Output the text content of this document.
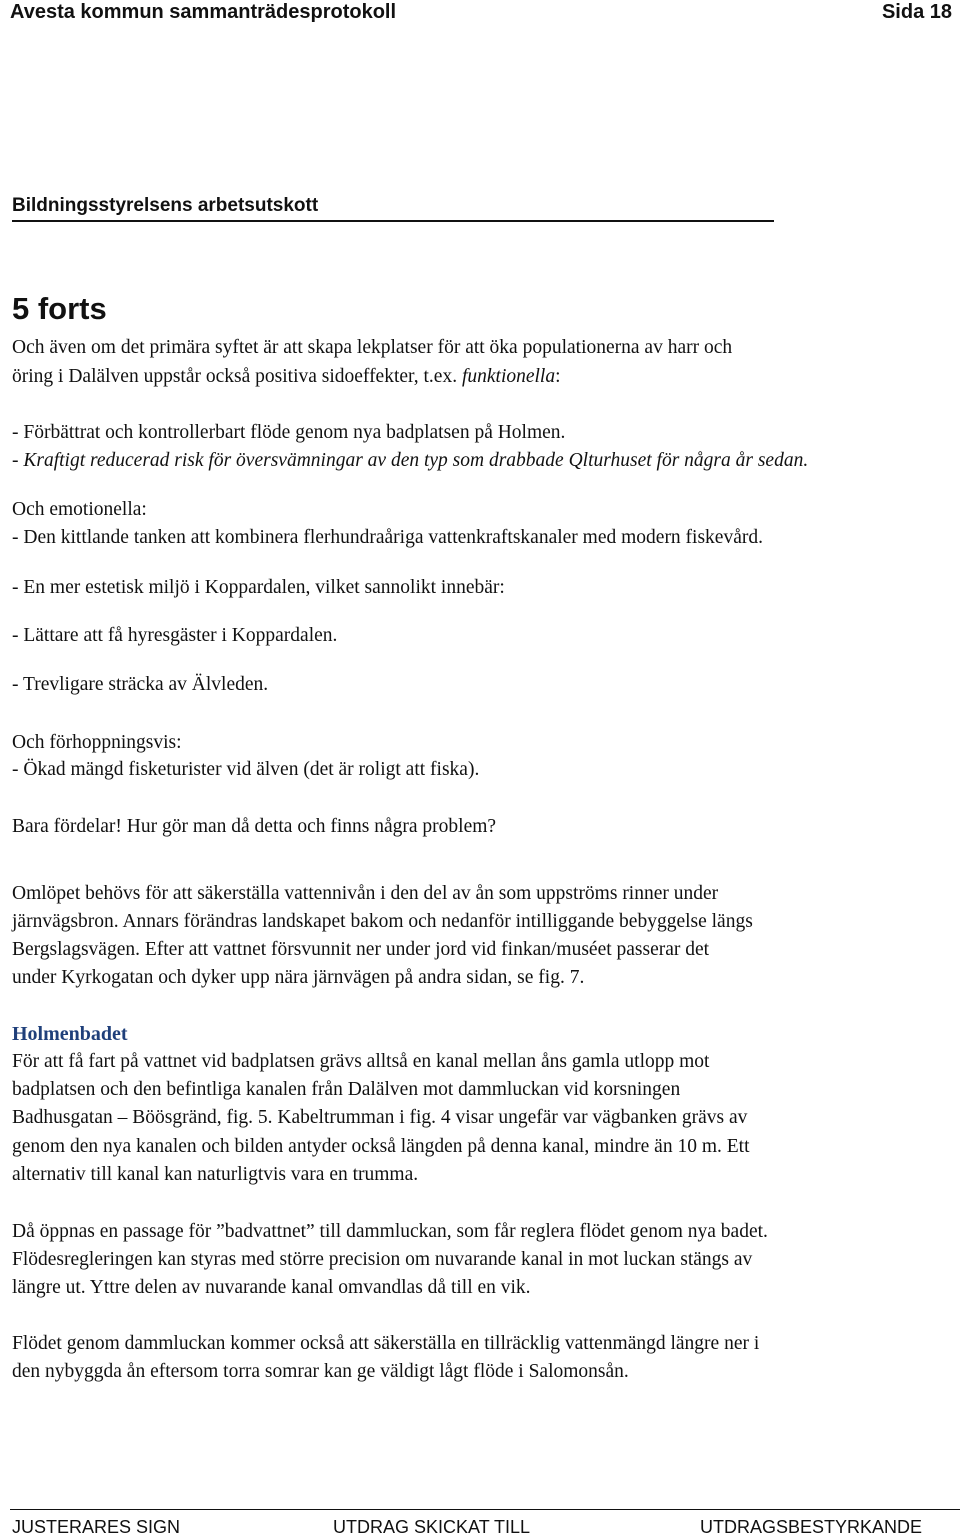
Avesta kommun sammanträdesprotokoll	Sida 18
Bildningsstyrelsens arbetsutskott
5 forts
Och även om det primära syftet är att skapa lekplatser för att öka populationerna av harr och
öring i Dalälven uppstår också positiva sidoeffekter, t.ex. funktionella:
- Förbättrat och kontrollerbart flöde genom nya badplatsen på Holmen.
- Kraftigt reducerad risk för översvämningar av den typ som drabbade Qlturhuset för några år sedan.
Och emotionella:
- Den kittlande tanken att kombinera flerhundraåriga vattenkraftskanaler med modern fiskevård.
- En mer estetisk miljö i Koppardalen, vilket sannolikt innebär:
- Lättare att få hyresgäster i Koppardalen.
- Trevligare sträcka av Älvleden.
Och förhoppningsvis:
- Ökad mängd fisketurister vid älven (det är roligt att fiska).
Bara fördelar! Hur gör man då detta och finns några problem?
Omlöpet behövs för att säkerställa vattennivån i den del av ån som uppströms rinner under
järnvägsbron. Annars förändras landskapet bakom och nedanför intilliggande bebyggelse längs
Bergslagsvägen. Efter att vattnet försvunnit ner under jord vid finkan/muséet passerar det
under Kyrkogatan och dyker upp nära järnvägen på andra sidan, se fig. 7.
Holmenbadet
För att få fart på vattnet vid badplatsen grävs alltså en kanal mellan åns gamla utlopp mot
badplatsen och den befintliga kanalen från Dalälven mot dammluckan vid korsningen
Badhusgatan – Böösgränd, fig. 5. Kabeltrumman i fig. 4 visar ungefär var vägbanken grävs av
genom den nya kanalen och bilden antyder också längden på denna kanal, mindre än 10 m. Ett
alternativ till kanal kan naturligtvis vara en trumma.
Då öppnas en passage för ”badvattnet” till dammluckan, som får reglera flödet genom nya badet.
Flödesregleringen kan styras med större precision om nuvarande kanal in mot luckan stängs av
längre ut. Yttre delen av nuvarande kanal omvandlas då till en vik.
Flödet genom dammluckan kommer också att säkerställa en tillräcklig vattenmängd längre ner i
den nybyggda ån eftersom torra somrar kan ge väldigt lågt flöde i Salomonsån.
JUSTERARES SIGN	UTDRAG SKICKAT TILL	UTDRAGSBESTYRKANDE
